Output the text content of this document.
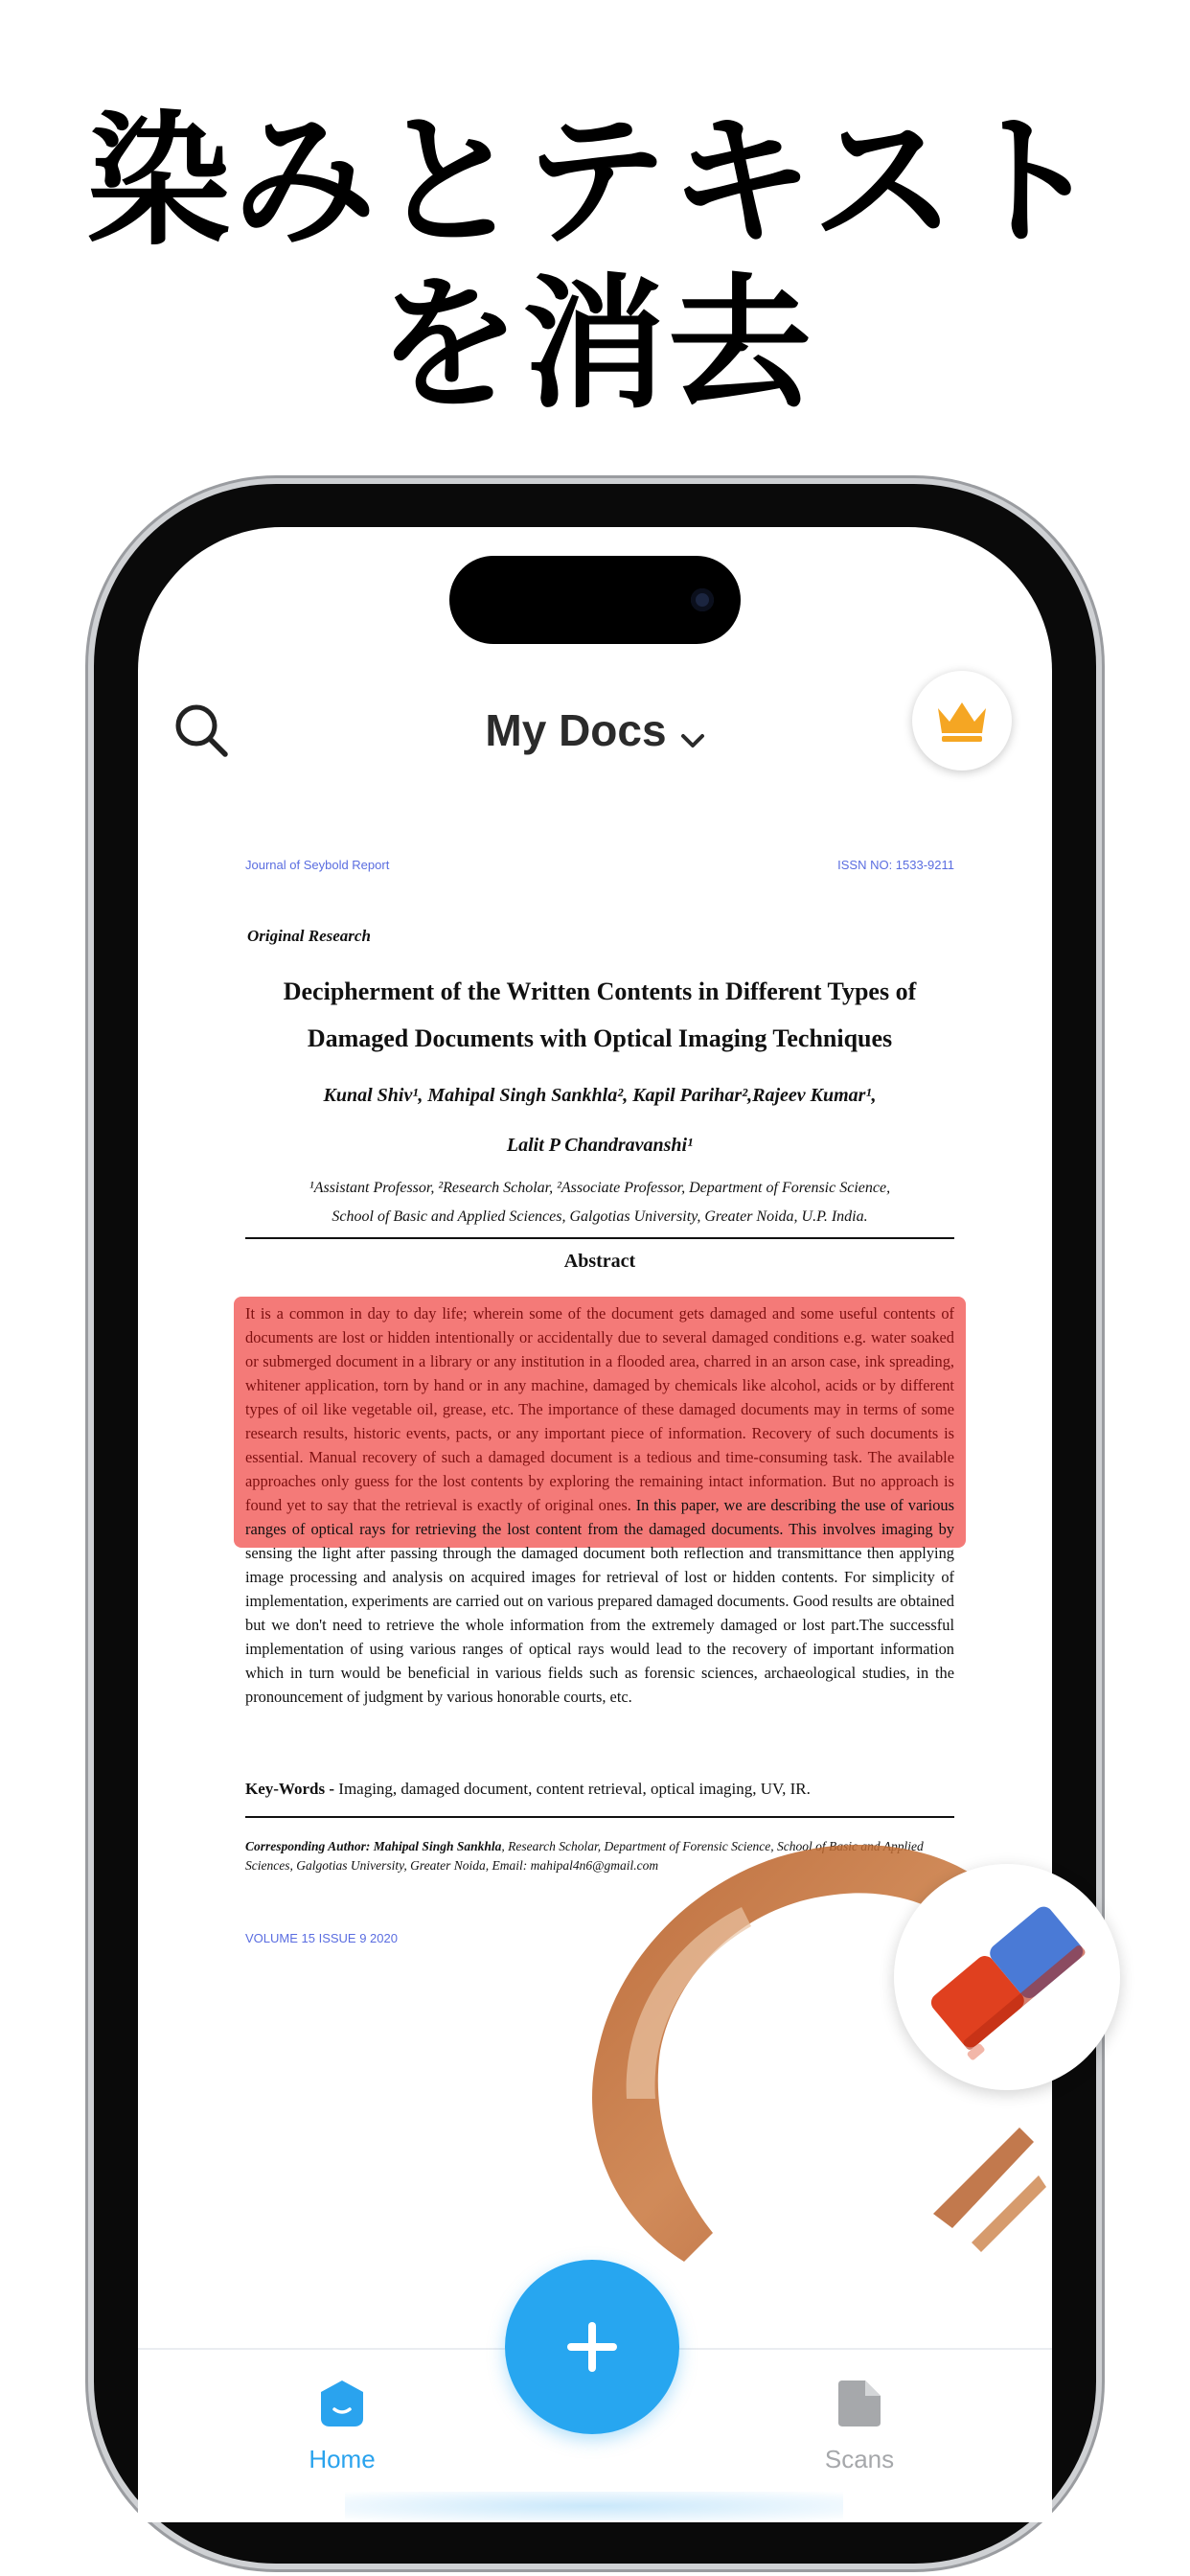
染みとテキスト
を消去
My Docs
Journal of Seybold Report	ISSN NO: 1533-9211
Original Research
Decipherment of the Written Contents in Different Types of
Damaged Documents with Optical Imaging Techniques
Kunal Shiv¹, Mahipal Singh Sankhla², Kapil Parihar²,Rajeev Kumar¹,
Lalit P Chandravanshi¹
¹Assistant Professor, ²Research Scholar, ²Associate Professor, Department of Forensic Science,
School of Basic and Applied Sciences, Galgotias University, Greater Noida, U.P. India.
Abstract
It is a common in day to day life; wherein some of the document gets damaged and some useful contents of documents are lost or hidden intentionally or accidentally due to several damaged conditions e.g. water soaked or submerged document in a library or any institution in a flooded area, charred in an arson case, ink spreading, whitener application, torn by hand or in any machine, damaged by chemicals like alcohol, acids or by different types of oil like vegetable oil, grease, etc. The importance of these damaged documents may in terms of some research results, historic events, pacts, or any important piece of information. Recovery of such documents is essential. Manual recovery of such a damaged document is a tedious and time-consuming task. The available approaches only guess for the lost contents by exploring the remaining intact information. But no approach is found yet to say that the retrieval is exactly of original ones. In this paper, we are describing the use of various ranges of optical rays for retrieving the lost content from the damaged documents. This involves imaging by sensing the light after passing through the damaged document both reflection and transmittance then applying image processing and analysis on acquired images for retrieval of lost or hidden contents. For simplicity of implementation, experiments are carried out on various prepared damaged documents. Good results are obtained but we don't need to retrieve the whole information from the extremely damaged or lost part.The successful implementation of using various ranges of optical rays would lead to the recovery of important information which in turn would be beneficial in various fields such as forensic sciences, archaeological studies, in the pronouncement of judgment by various honorable courts, etc.
Key-Words - Imaging, damaged document, content retrieval, optical imaging, UV, IR.
Corresponding Author: Mahipal Singh Sankhla, Research Scholar, Department of Forensic Science, School of Basic and Applied Sciences, Galgotias University, Greater Noida, Email: mahipal4n6@gmail.com
VOLUME 15 ISSUE 9 2020
Home	Scans
